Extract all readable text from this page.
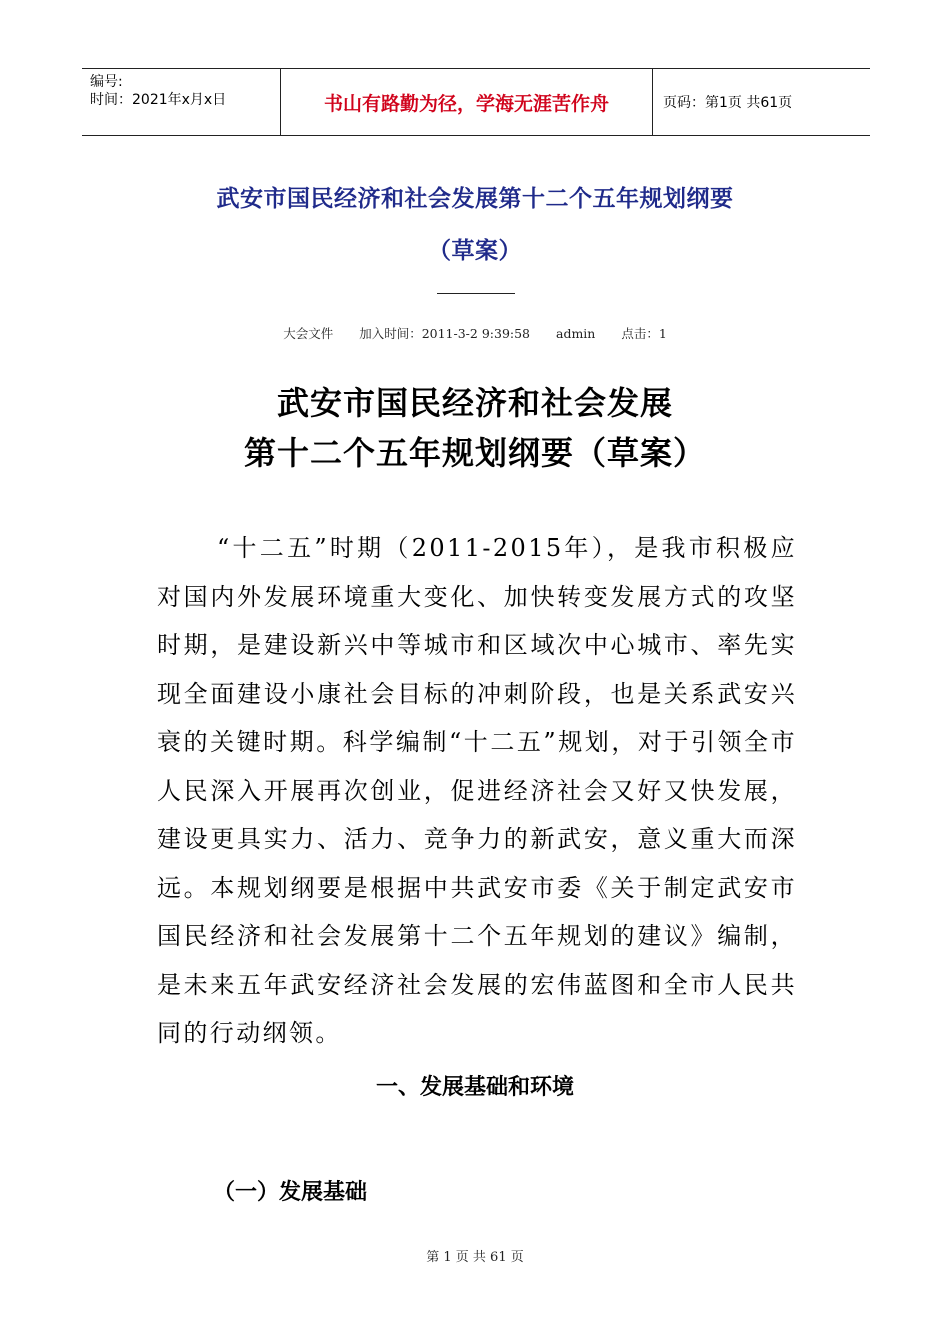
编号:
时间：2021年x月x日	书山有路勤为径，学海无涯苦作舟	页码：第1页 共61页
武安市国民经济和社会发展第十二个五年规划纲要
（草案）
大会文件 加入时间：2011-3-2 9:39:58 admin 点击：1
武安市国民经济和社会发展
第十二个五年规划纲要（草案）

“十二五”时期（2011-2015年），是我市积极应对国内外发展环境重大变化、加快转变发展方式的攻坚时期，是建设新兴中等城市和区域次中心城市、率先实现全面建设小康社会目标的冲刺阶段，也是关系武安兴衰的关键时期。科学编制“十二五”规划，对于引领全市人民深入开展再次创业，促进经济社会又好又快发展，建设更具实力、活力、竞争力的新武安，意义重大而深远。本规划纲要是根据中共武安市委《关于制定武安市国民经济和社会发展第十二个五年规划的建议》编制，是未来五年武安经济社会发展的宏伟蓝图和全市人民共同的行动纲领。

一、发展基础和环境
（一）发展基础
第 1 页 共 61 页
